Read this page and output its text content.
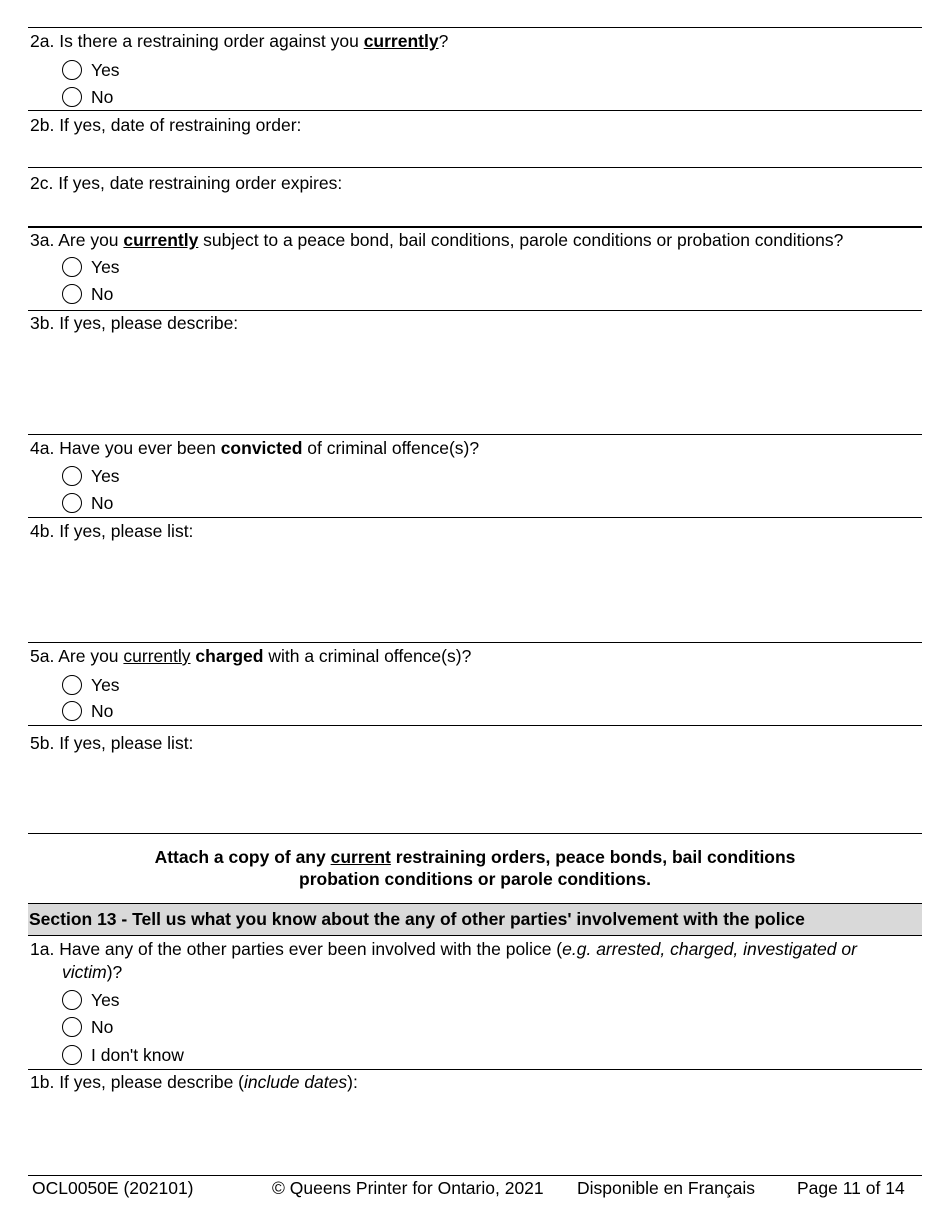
2a. Is there a restraining order against you currently?
Yes
No
2b. If yes, date of restraining order:
2c. If yes, date restraining order expires:
3a. Are you currently subject to a peace bond, bail conditions, parole conditions or probation conditions?
Yes
No
3b. If yes, please describe:
4a. Have you ever been convicted of criminal offence(s)?
Yes
No
4b. If yes, please list:
5a. Are you currently charged with a criminal offence(s)?
Yes
No
5b. If yes, please list:
Attach a copy of any current restraining orders, peace bonds, bail conditions
probation conditions or parole conditions.
Section 13 - Tell us what you know about the any of other parties' involvement with the police
1a. Have any of the other parties ever been involved with the police (e.g. arrested, charged, investigated or
victim)?
Yes
No
I don't know
1b. If yes, please describe (include dates):
OCL0050E (202101)	© Queens Printer for Ontario, 2021 Disponible en Français Page 11 of 14
